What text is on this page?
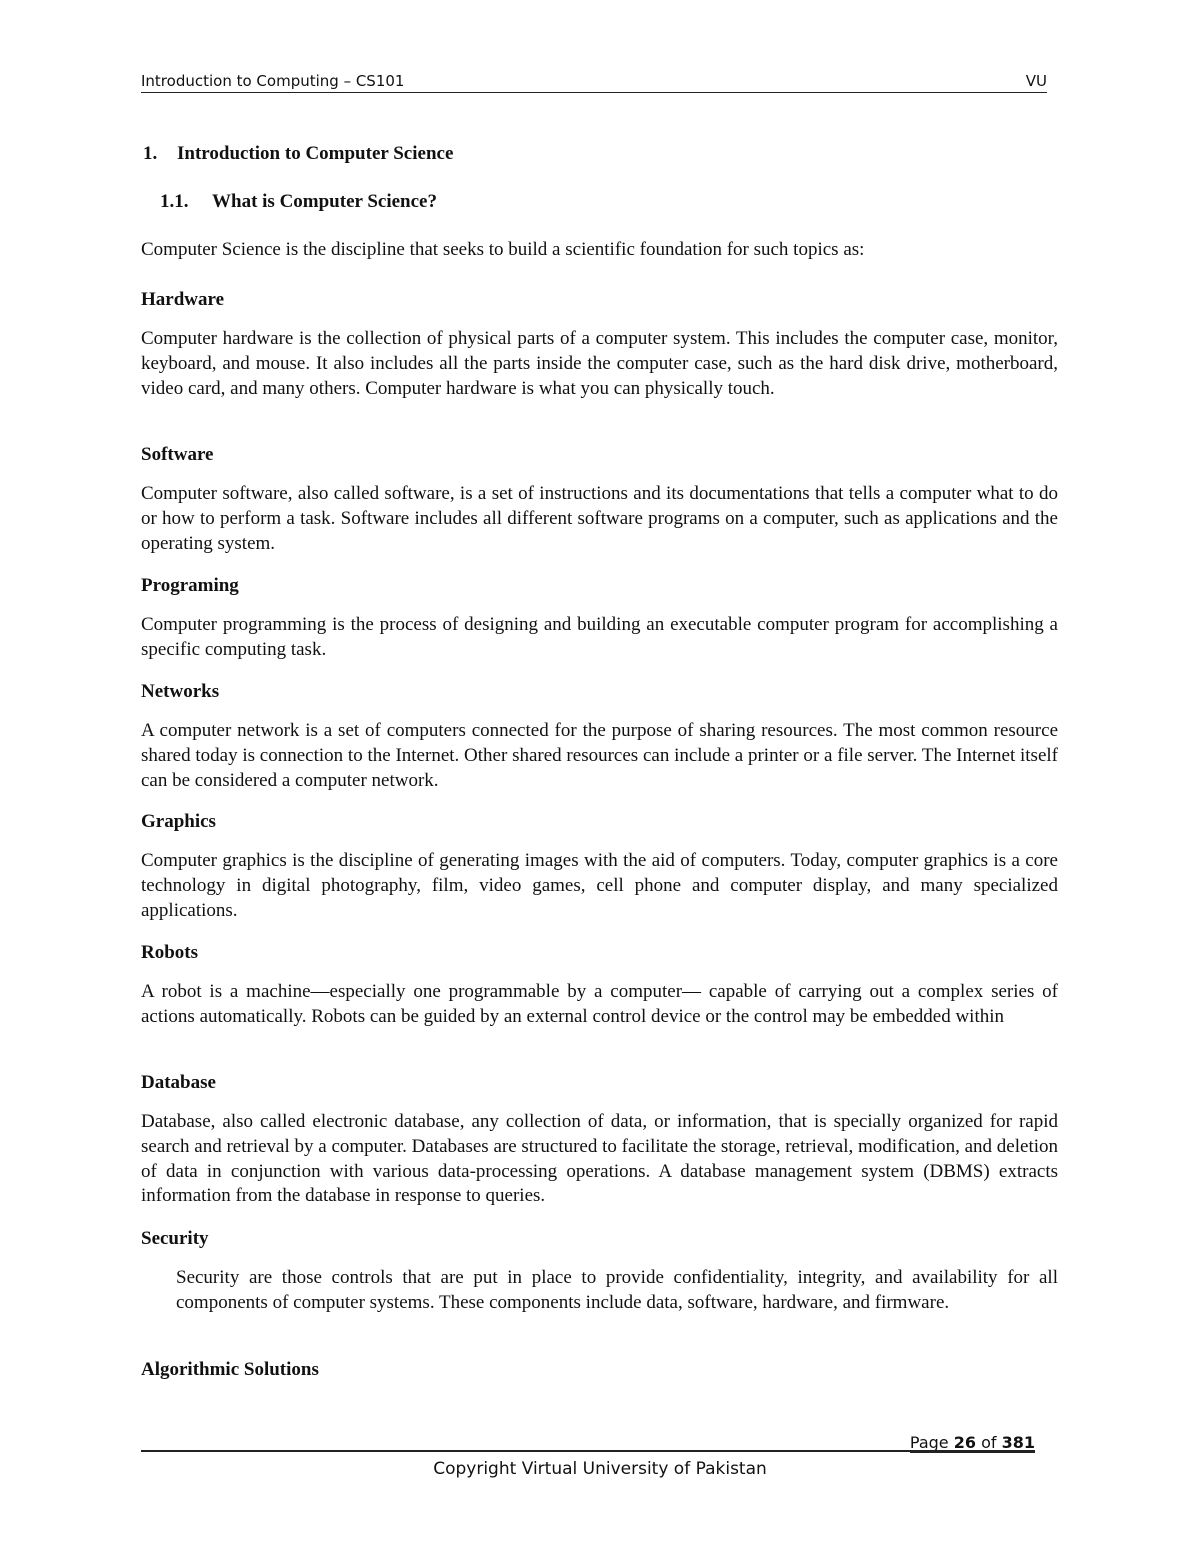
Introduction to Computing – CS101	VU
1. Introduction to Computer Science
1.1. What is Computer Science?
Computer Science is the discipline that seeks to build a scientific foundation for such topics as:
Hardware
Computer hardware is the collection of physical parts of a computer system. This includes the computer case, monitor, keyboard, and mouse. It also includes all the parts inside the computer case, such as the hard disk drive, motherboard, video card, and many others. Computer hardware is what you can physically touch.
Software
Computer software, also called software, is a set of instructions and its documentations that tells a computer what to do or how to perform a task. Software includes all different software programs on a computer, such as applications and the operating system.
Programing
Computer programming is the process of designing and building an executable computer program for accomplishing a specific computing task.
Networks
A computer network is a set of computers connected for the purpose of sharing resources. The most common resource shared today is connection to the Internet. Other shared resources can include a printer or a file server. The Internet itself can be considered a computer network.
Graphics
Computer graphics is the discipline of generating images with the aid of computers. Today, computer graphics is a core technology in digital photography, film, video games, cell phone and computer display, and many specialized applications.
Robots
A robot is a machine—especially one programmable by a computer— capable of carrying out a complex series of actions automatically. Robots can be guided by an external control device or the control may be embedded within
Database
Database, also called electronic database, any collection of data, or information, that is specially organized for rapid search and retrieval by a computer. Databases are structured to facilitate the storage, retrieval, modification, and deletion of data in conjunction with various data-processing operations. A database management system (DBMS) extracts information from the database in response to queries.
Security
Security are those controls that are put in place to provide confidentiality, integrity, and availability for all components of computer systems. These components include data, software, hardware, and firmware.
Algorithmic Solutions
Page 26 of 381
Copyright Virtual University of Pakistan
